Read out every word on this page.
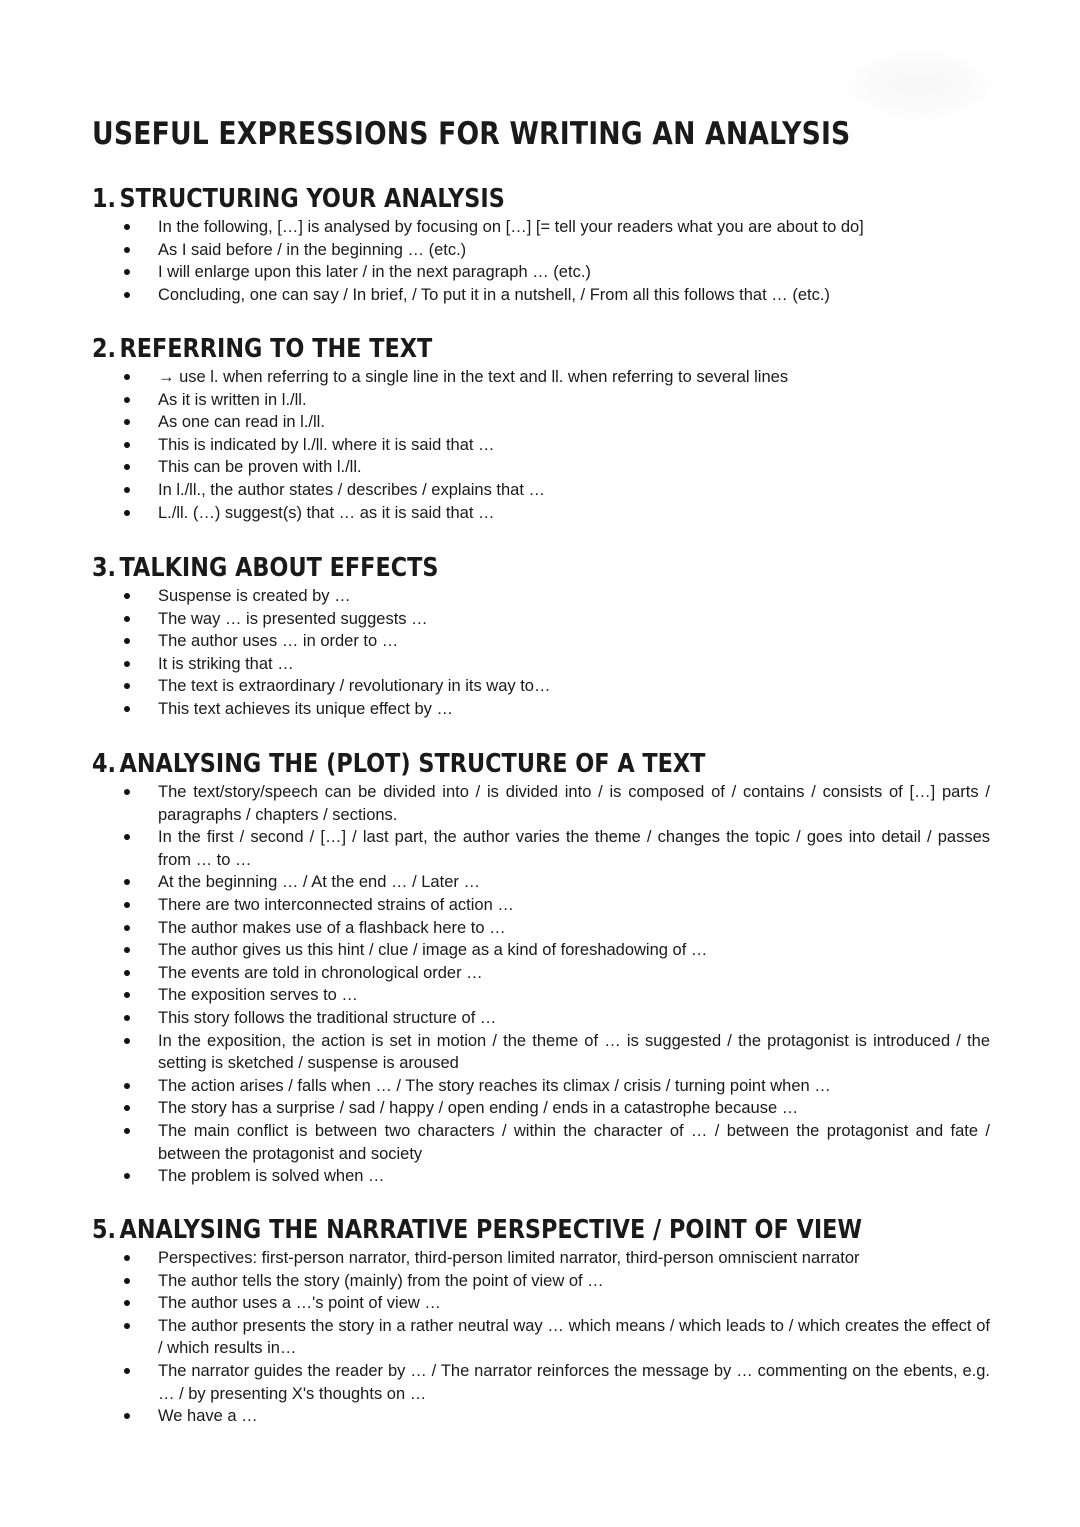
USEFUL EXPRESSIONS FOR WRITING AN ANALYSIS
1. STRUCTURING YOUR ANALYSIS
In the following, […] is analysed by focusing on […] [= tell your readers what you are about to do]
As I said before / in the beginning … (etc.)
I will enlarge upon this later / in the next paragraph … (etc.)
Concluding, one can say / In brief, / To put it in a nutshell, / From all this follows that … (etc.)
2. REFERRING TO THE TEXT
→ use l. when referring to a single line in the text and ll. when referring to several lines
As it is written in l./ll.
As one can read in l./ll.
This is indicated by l./ll. where it is said that …
This can be proven with l./ll.
In l./ll., the author states / describes / explains that …
L./ll. (…) suggest(s) that … as it is said that …
3. TALKING ABOUT EFFECTS
Suspense is created by …
The way … is presented suggests …
The author uses … in order to …
It is striking that …
The text is extraordinary / revolutionary in its way to…
This text achieves its unique effect by …
4. ANALYSING THE (PLOT) STRUCTURE OF A TEXT
The text/story/speech can be divided into / is divided into / is composed of / contains / consists of […] parts / paragraphs / chapters / sections.
In the first / second / […] / last part, the author varies the theme / changes the topic / goes into detail / passes from … to …
At the beginning … / At the end … / Later …
There are two interconnected strains of action …
The author makes use of a flashback here to …
The author gives us this hint / clue / image as a kind of foreshadowing of …
The events are told in chronological order …
The exposition serves to …
This story follows the traditional structure of …
In the exposition, the action is set in motion / the theme of … is suggested / the protagonist is introduced / the setting is sketched / suspense is aroused
The action arises / falls when … / The story reaches its climax / crisis / turning point when …
The story has a surprise / sad / happy / open ending / ends in a catastrophe because …
The main conflict is between two characters / within the character of … / between the protagonist and fate / between the protagonist and society
The problem is solved when …
5. ANALYSING THE NARRATIVE PERSPECTIVE / POINT OF VIEW
Perspectives: first-person narrator, third-person limited narrator, third-person omniscient narrator
The author tells the story (mainly) from the point of view of …
The author uses a …'s point of view …
The author presents the story in a rather neutral way … which means / which leads to / which creates the effect of / which results in…
The narrator guides the reader by … / The narrator reinforces the message by … commenting on the ebents, e.g. … / by presenting X's thoughts on …
We have a …
